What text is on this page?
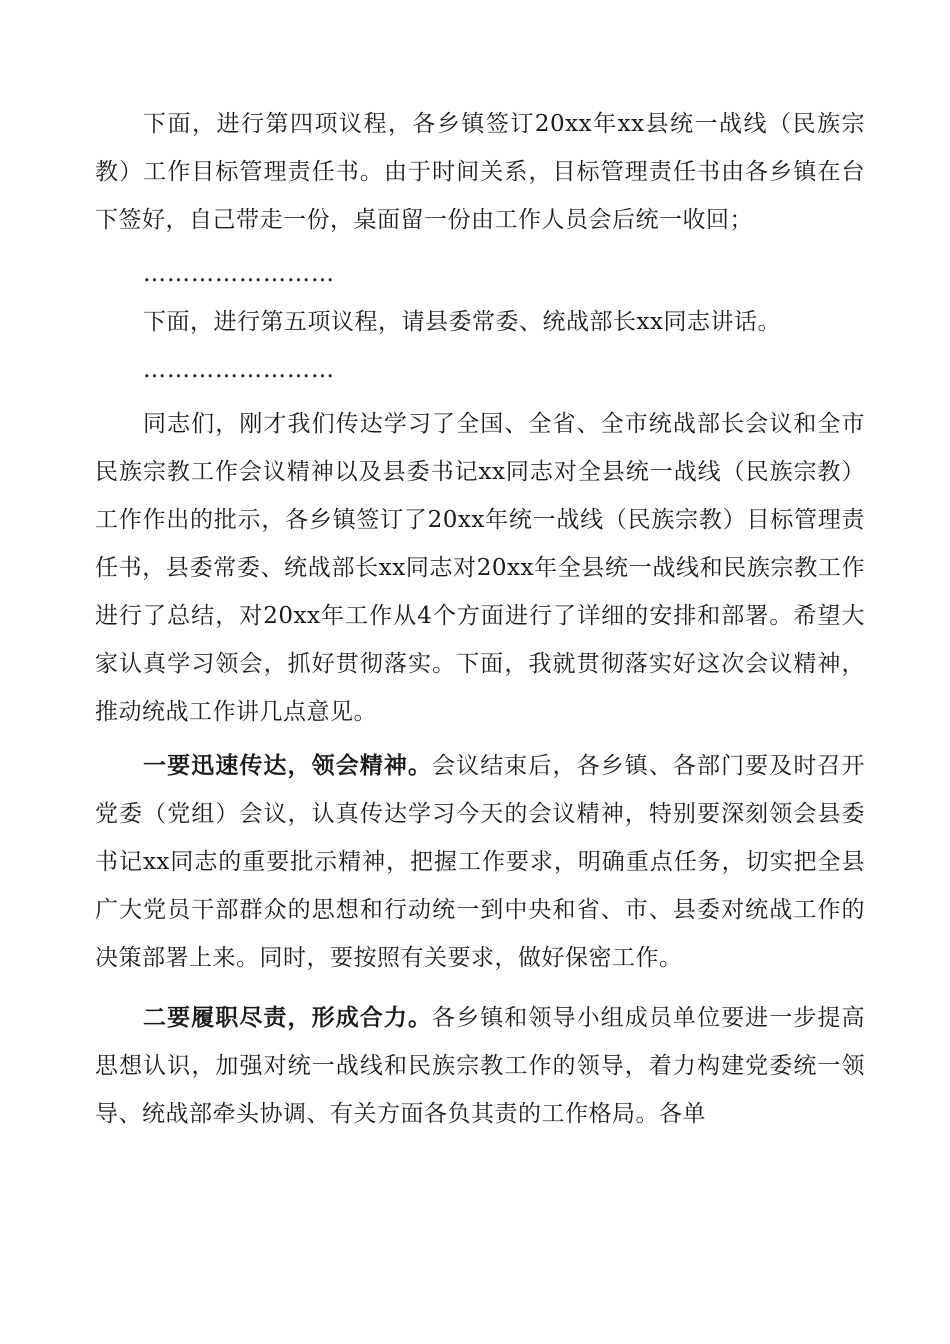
下面，进行第四项议程，各乡镇签订20xx年xx县统一战线（民族宗教）工作目标管理责任书。由于时间关系，目标管理责任书由各乡镇在台下签好，自己带走一份，桌面留一份由工作人员会后统一收回；

……………………

下面，进行第五项议程，请县委常委、统战部长xx同志讲话。

……………………

同志们，刚才我们传达学习了全国、全省、全市统战部长会议和全市民族宗教工作会议精神以及县委书记xx同志对全县统一战线（民族宗教）工作作出的批示，各乡镇签订了20xx年统一战线（民族宗教）目标管理责任书，县委常委、统战部长xx同志对20xx年全县统一战线和民族宗教工作进行了总结，对20xx年工作从4个方面进行了详细的安排和部署。希望大家认真学习领会，抓好贯彻落实。下面，我就贯彻落实好这次会议精神，推动统战工作讲几点意见。

一要迅速传达，领会精神。会议结束后，各乡镇、各部门要及时召开党委（党组）会议，认真传达学习今天的会议精神，特别要深刻领会县委书记xx同志的重要批示精神，把握工作要求，明确重点任务，切实把全县广大党员干部群众的思想和行动统一到中央和省、市、县委对统战工作的决策部署上来。同时，要按照有关要求，做好保密工作。

二要履职尽责，形成合力。各乡镇和领导小组成员单位要进一步提高思想认识，加强对统一战线和民族宗教工作的领导，着力构建党委统一领导、统战部牵头协调、有关方面各负其责的工作格局。各单
